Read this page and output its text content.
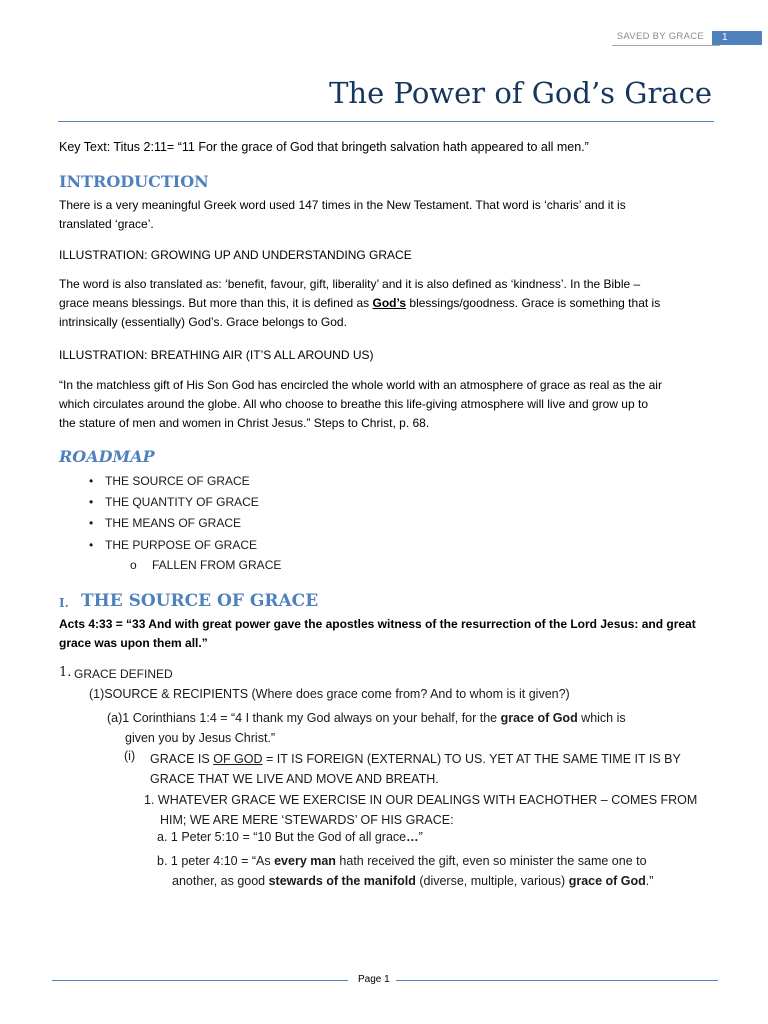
SAVED BY GRACE	1
The Power of God’s Grace
Key Text: Titus 2:11= “11 For the grace of God that bringeth salvation hath appeared to all men.”
INTRODUCTION
There is a very meaningful Greek word used 147 times in the New Testament. That word is ‘charis’ and it is
translated ‘grace’.
ILLUSTRATION: GROWING UP AND UNDERSTANDING GRACE
The word is also translated as: ‘benefit, favour, gift, liberality’ and it is also defined as ‘kindness’. In the Bible –
grace means blessings. But more than this, it is defined as God’s blessings/goodness. Grace is something that is
intrinsically (essentially) God’s. Grace belongs to God.
ILLUSTRATION: BREATHING AIR (IT’S ALL AROUND US)
“In the matchless gift of His Son God has encircled the whole world with an atmosphere of grace as real as the air
which circulates around the globe. All who choose to breathe this life-giving atmosphere will live and grow up to
the stature of men and women in Christ Jesus.” Steps to Christ, p. 68.
ROADMAP
• THE SOURCE OF GRACE
• THE QUANTITY OF GRACE
• THE MEANS OF GRACE
• THE PURPOSE OF GRACE
o FALLEN FROM GRACE
I. THE SOURCE OF GRACE
Acts 4:33 = “33 And with great power gave the apostles witness of the resurrection of the Lord Jesus: and great
grace was upon them all.”
1. GRACE DEFINED
(1)SOURCE & RECIPIENTS (Where does grace come from? And to whom is it given?)
(a)1 Corinthians 1:4 = “4 I thank my God always on your behalf, for the grace of God which is
given you by Jesus Christ.”
(i) GRACE IS OF GOD = IT IS FOREIGN (EXTERNAL) TO US. YET AT THE SAME TIME IT IS BY
GRACE THAT WE LIVE AND MOVE AND BREATH.
1. WHATEVER GRACE WE EXERCISE IN OUR DEALINGS WITH EACHOTHER – COMES FROM
HIM; WE ARE MERE ‘STEWARDS’ OF HIS GRACE:
a. 1 Peter 5:10 = “10 But the God of all grace…”
b. 1 peter 4:10 = “As every man hath received the gift, even so minister the same one to
another, as good stewards of the manifold (diverse, multiple, various) grace of God.”
Page 1
